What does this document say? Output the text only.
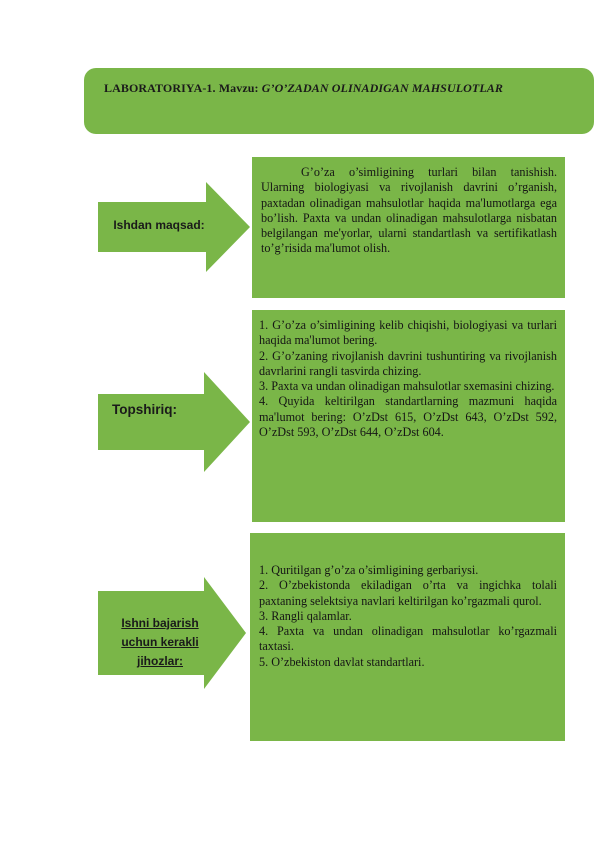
LABORATORIYA-1. Mavzu: G’O’ZADAN OLINADIGAN MAHSULOTLAR
Ishdan maqsad:

G’o’za o’simligining turlari bilan tanishish. Ularning biologiyasi va rivojlanish davrini o’rganish, paxtadan olinadigan mahsulotlar haqida ma'lumotlarga ega bo’lish. Paxta va undan olinadigan mahsulotlarga nisbatan belgilangan me'yorlar, ularni standartlash va sertifikatlash to’g’risida ma'lumot olish.

Topshiriq:

1. G’o’za o’simligining kelib chiqishi, biologiyasi va turlari haqida ma'lumot bering.

2. G’o’zaning rivojlanish davrini tushuntiring va rivojlanish davrlarini rangli tasvirda chizing.

3. Paxta va undan olinadigan mahsulotlar sxemasini chizing.

4. Quyida keltirilgan standartlarning mazmuni haqida ma'lumot bering: O’zDst 615, O’zDst 643, O’zDst 592, O’zDst 593, O’zDst 644, O’zDst 604.

Ishni bajarish uchun kerakli jihozlar:

1. Quritilgan g’o’za o’simligining gerbariysi.

2. O’zbekistonda ekiladigan o’rta va ingichka tolali paxtaning selektsiya navlari keltirilgan ko’rgazmali qurol.

3. Rangli qalamlar.

4. Paxta va undan olinadigan mahsulotlar ko’rgazmali taxtasi.

5. O’zbekiston davlat standartlari.
